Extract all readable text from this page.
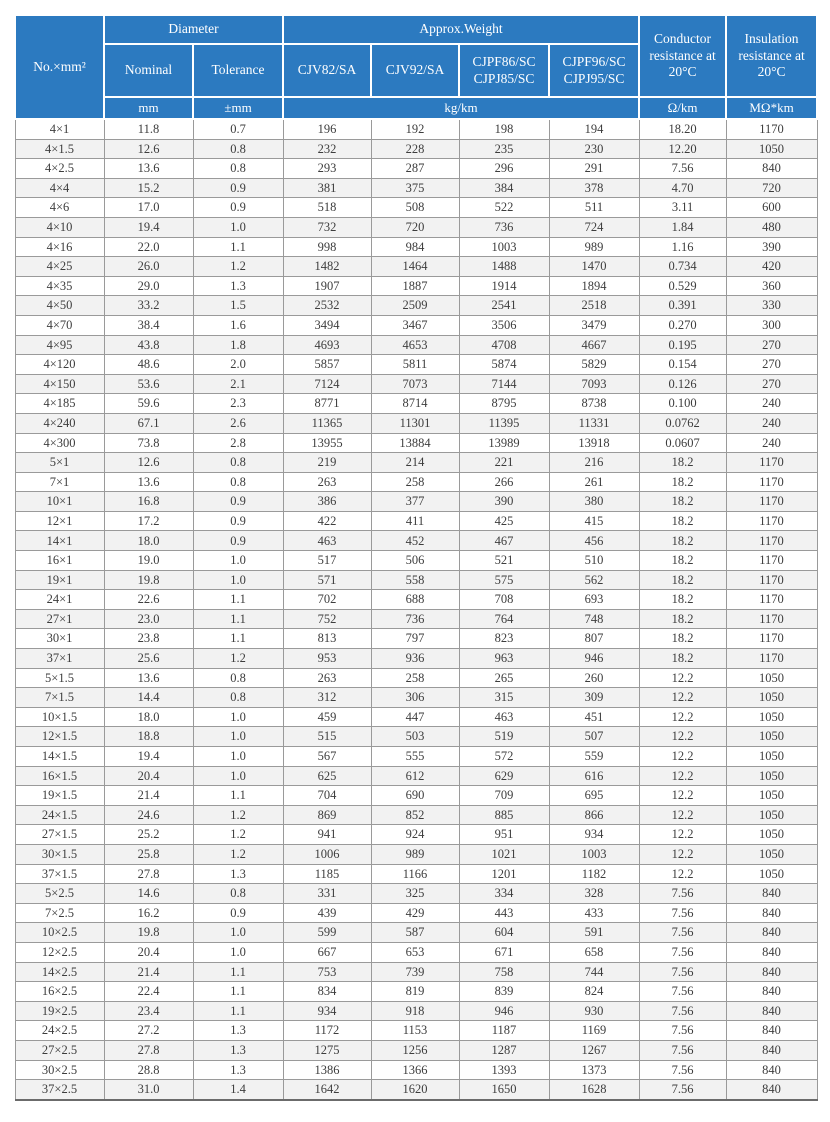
No.×mm²	Diameter		Approx.Weight				Conductor resistance at 20°C	Insulation resistance at 20°C
	Nominal	Tolerance	CJV82/SA	CJV92/SA	CJPF86/SC CJPJ85/SC	CJPF96/SC CJPJ95/SC		
	mm	±mm	kg/km				Ω/km	MΩ*km
4×1	11.8	0.7	196	192	198	194	18.20	1170
4×1.5	12.6	0.8	232	228	235	230	12.20	1050
4×2.5	13.6	0.8	293	287	296	291	7.56	840
4×4	15.2	0.9	381	375	384	378	4.70	720
4×6	17.0	0.9	518	508	522	511	3.11	600
4×10	19.4	1.0	732	720	736	724	1.84	480
4×16	22.0	1.1	998	984	1003	989	1.16	390
4×25	26.0	1.2	1482	1464	1488	1470	0.734	420
4×35	29.0	1.3	1907	1887	1914	1894	0.529	360
4×50	33.2	1.5	2532	2509	2541	2518	0.391	330
4×70	38.4	1.6	3494	3467	3506	3479	0.270	300
4×95	43.8	1.8	4693	4653	4708	4667	0.195	270
4×120	48.6	2.0	5857	5811	5874	5829	0.154	270
4×150	53.6	2.1	7124	7073	7144	7093	0.126	270
4×185	59.6	2.3	8771	8714	8795	8738	0.100	240
4×240	67.1	2.6	11365	11301	11395	11331	0.0762	240
4×300	73.8	2.8	13955	13884	13989	13918	0.0607	240
5×1	12.6	0.8	219	214	221	216	18.2	1170
7×1	13.6	0.8	263	258	266	261	18.2	1170
10×1	16.8	0.9	386	377	390	380	18.2	1170
12×1	17.2	0.9	422	411	425	415	18.2	1170
14×1	18.0	0.9	463	452	467	456	18.2	1170
16×1	19.0	1.0	517	506	521	510	18.2	1170
19×1	19.8	1.0	571	558	575	562	18.2	1170
24×1	22.6	1.1	702	688	708	693	18.2	1170
27×1	23.0	1.1	752	736	764	748	18.2	1170
30×1	23.8	1.1	813	797	823	807	18.2	1170
37×1	25.6	1.2	953	936	963	946	18.2	1170
5×1.5	13.6	0.8	263	258	265	260	12.2	1050
7×1.5	14.4	0.8	312	306	315	309	12.2	1050
10×1.5	18.0	1.0	459	447	463	451	12.2	1050
12×1.5	18.8	1.0	515	503	519	507	12.2	1050
14×1.5	19.4	1.0	567	555	572	559	12.2	1050
16×1.5	20.4	1.0	625	612	629	616	12.2	1050
19×1.5	21.4	1.1	704	690	709	695	12.2	1050
24×1.5	24.6	1.2	869	852	885	866	12.2	1050
27×1.5	25.2	1.2	941	924	951	934	12.2	1050
30×1.5	25.8	1.2	1006	989	1021	1003	12.2	1050
37×1.5	27.8	1.3	1185	1166	1201	1182	12.2	1050
5×2.5	14.6	0.8	331	325	334	328	7.56	840
7×2.5	16.2	0.9	439	429	443	433	7.56	840
10×2.5	19.8	1.0	599	587	604	591	7.56	840
12×2.5	20.4	1.0	667	653	671	658	7.56	840
14×2.5	21.4	1.1	753	739	758	744	7.56	840
16×2.5	22.4	1.1	834	819	839	824	7.56	840
19×2.5	23.4	1.1	934	918	946	930	7.56	840
24×2.5	27.2	1.3	1172	1153	1187	1169	7.56	840
27×2.5	27.8	1.3	1275	1256	1287	1267	7.56	840
30×2.5	28.8	1.3	1386	1366	1393	1373	7.56	840
37×2.5	31.0	1.4	1642	1620	1650	1628	7.56	840
